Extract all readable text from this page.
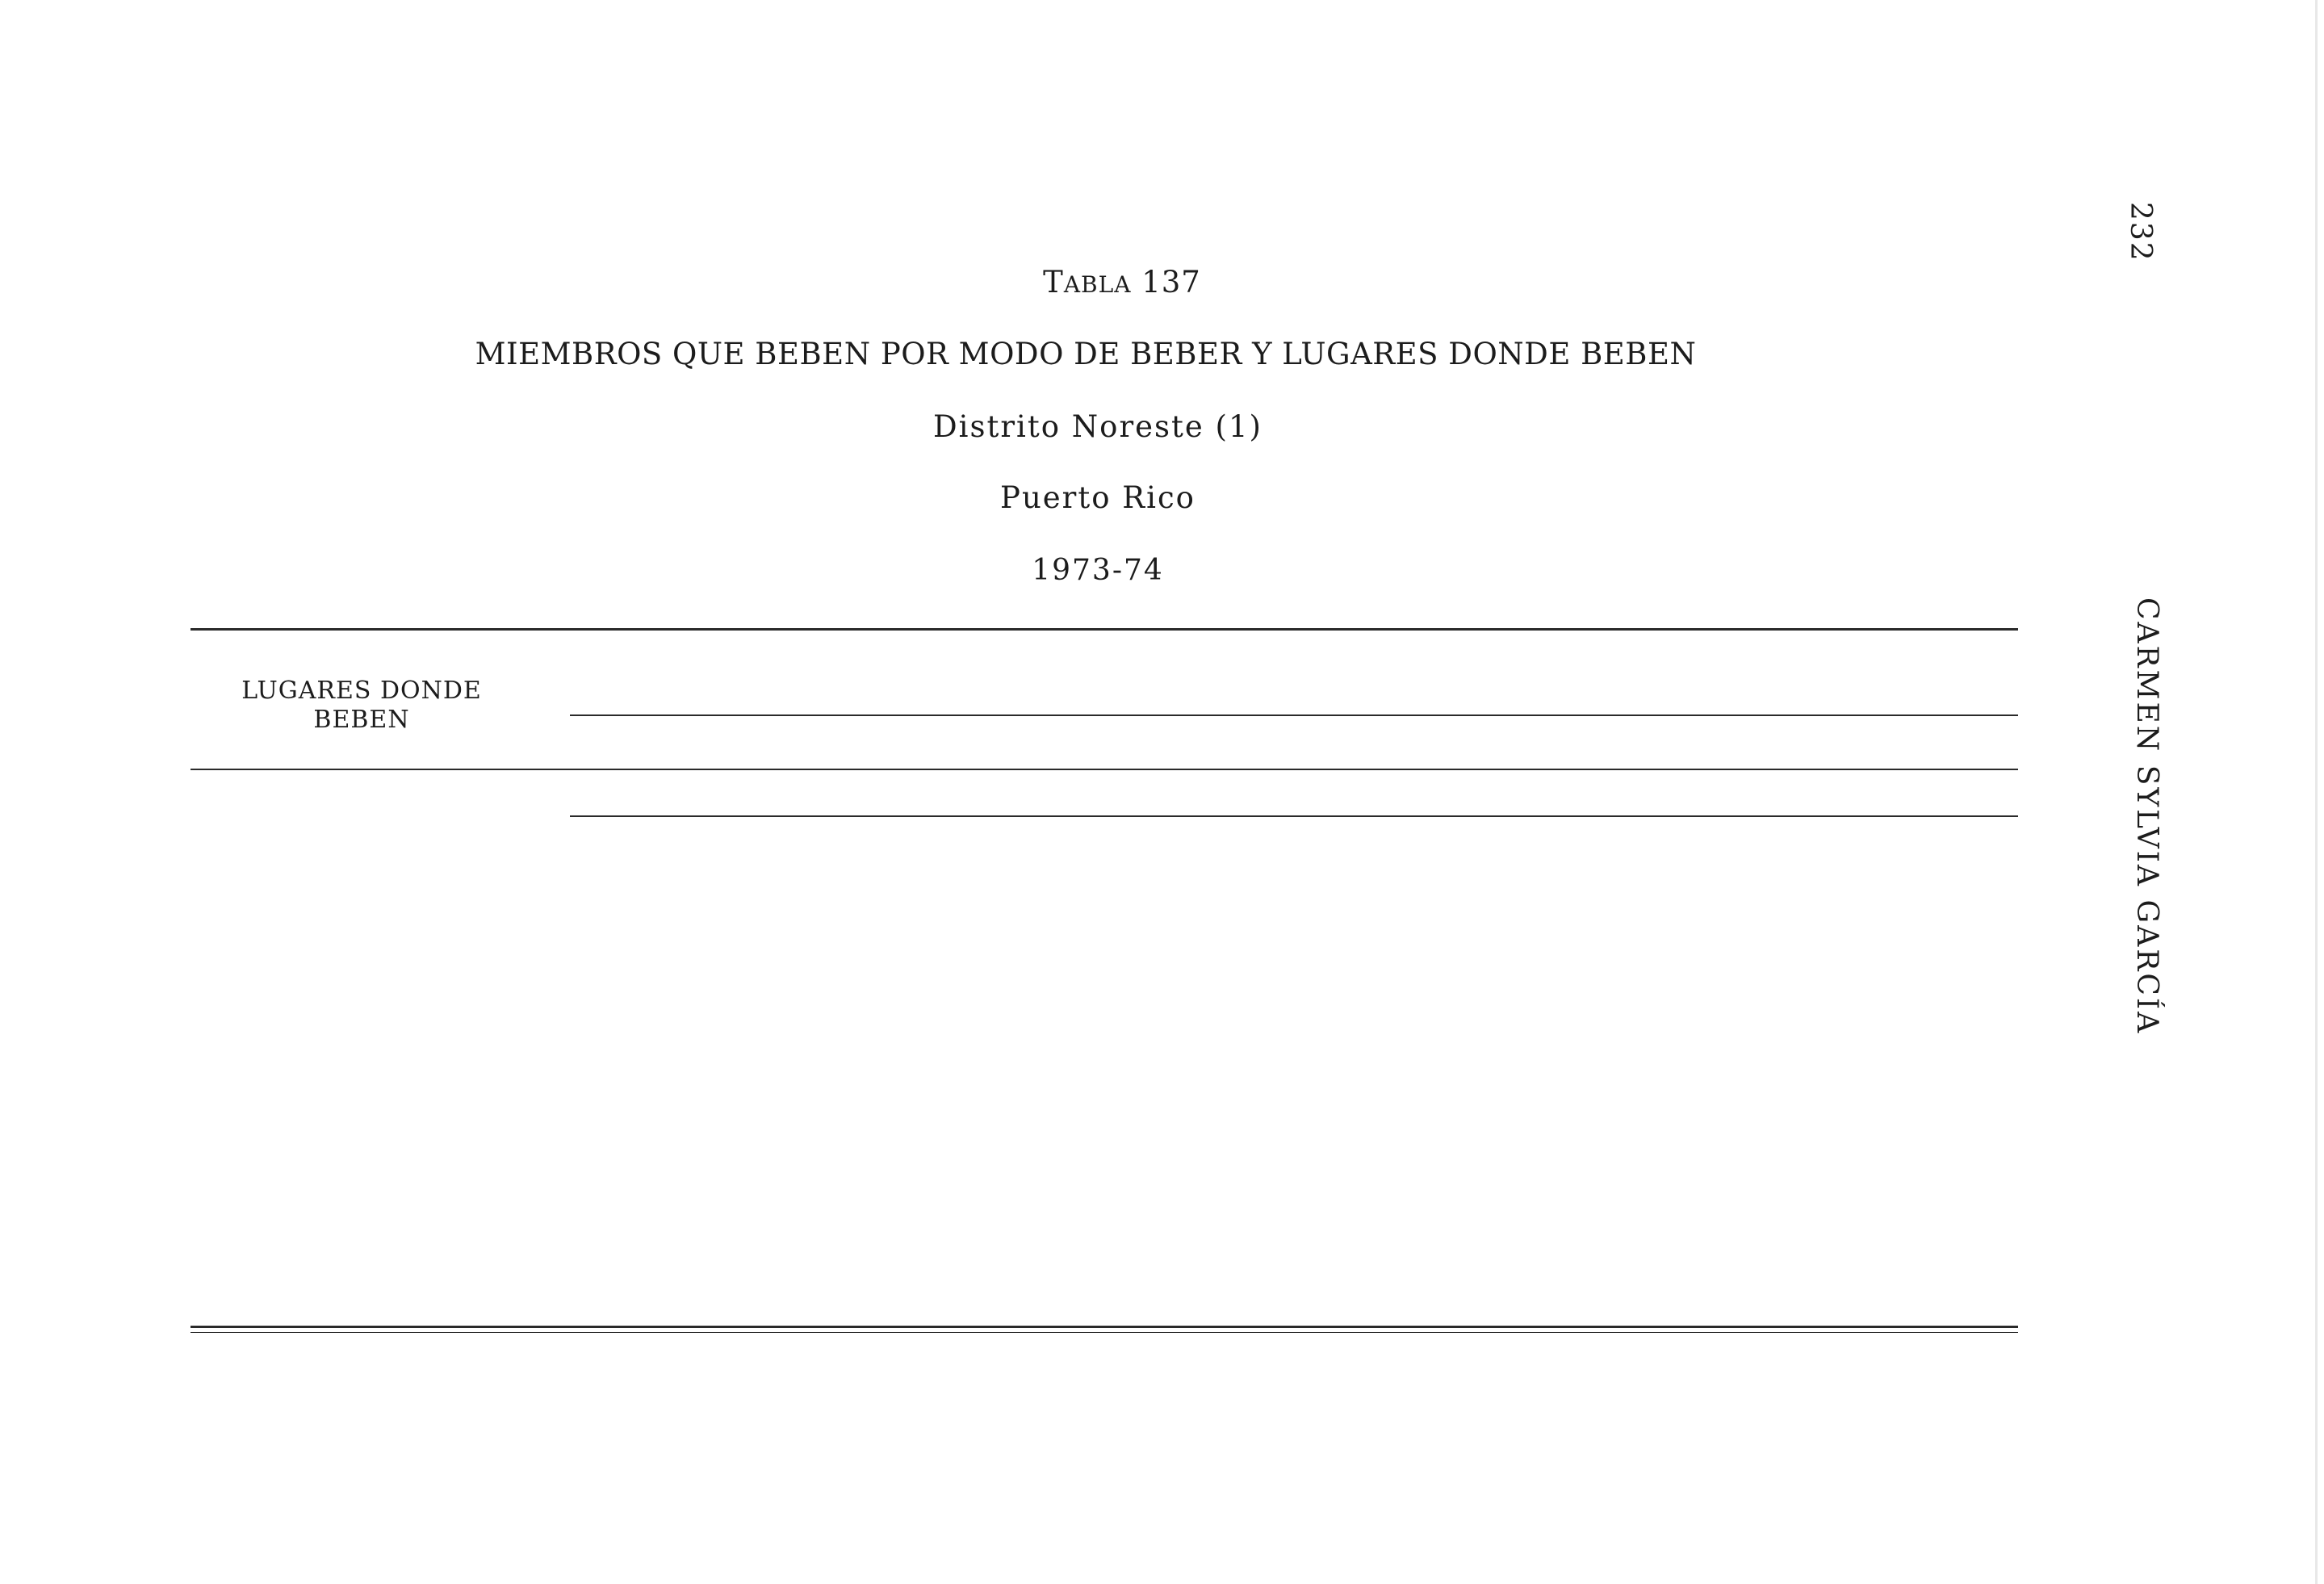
232
CARMEN SYLVIA GARCÍA
TABLA 137
MIEMBROS QUE BEBEN POR MODO DE BEBER Y LUGARES DONDE BEBEN
Distrito Noreste (1)
Puerto Rico
1973-74
LUGARES DONDE
BEBEN
